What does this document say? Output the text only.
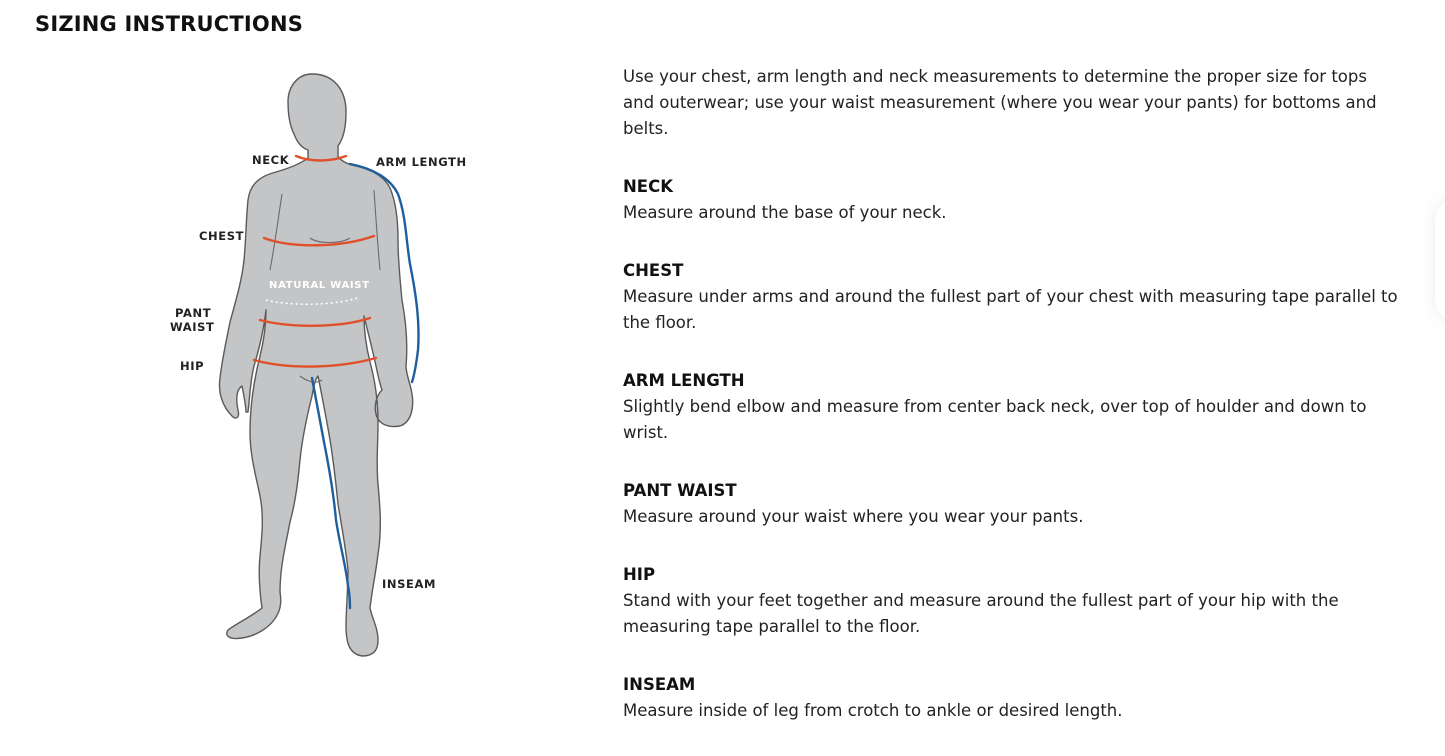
SIZING INSTRUCTIONS
NECK	ARM LENGTH
CHEST
NATURAL WAIST
PANT
WAIST
HIP
INSEAM

Use your chest, arm length and neck measurements to determine the proper size for tops and outerwear; use your waist measurement (where you wear your pants) for bottoms and belts.

NECK

Measure around the base of your neck.

CHEST

Measure under arms and around the fullest part of your chest with measuring tape parallel to the floor.

ARM LENGTH

Slightly bend elbow and measure from center back neck, over top of houlder and down to wrist.

PANT WAIST

Measure around your waist where you wear your pants.

HIP

Stand with your feet together and measure around the fullest part of your hip with the measuring tape parallel to the floor.

INSEAM

Measure inside of leg from crotch to ankle or desired length.
